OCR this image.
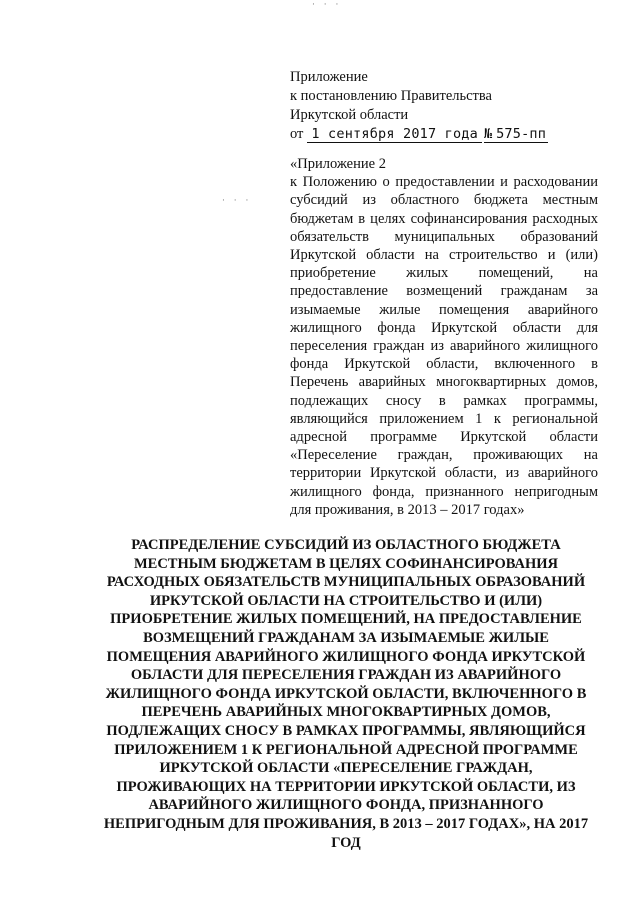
· · ·
· · ·
Приложение
к постановлению Правительства
Иркутской области
от 1 сентября 2017 года № 575-пп
«Приложение 2
к Положению о предоставлении и расходовании субсидий из областного бюджета местным бюджетам в целях софинансирования расходных обязательств муниципальных образований Иркутской области на строительство и (или) приобретение жилых помещений, на предоставление возмещений гражданам за изымаемые жилые помещения аварийного жилищного фонда Иркутской области для переселения граждан из аварийного жилищного фонда Иркутской области, включенного в Перечень аварийных многоквартирных домов, подлежащих сносу в рамках программы, являющийся приложением 1 к региональной адресной программе Иркутской области «Переселение граждан, проживающих на территории Иркутской области, из аварийного жилищного фонда, признанного непригодным для проживания, в 2013 – 2017 годах»
РАСПРЕДЕЛЕНИЕ СУБСИДИЙ ИЗ ОБЛАСТНОГО БЮДЖЕТА МЕСТНЫМ БЮДЖЕТАМ В ЦЕЛЯХ СОФИНАНСИРОВАНИЯ РАСХОДНЫХ ОБЯЗАТЕЛЬСТВ МУНИЦИПАЛЬНЫХ ОБРАЗОВАНИЙ ИРКУТСКОЙ ОБЛАСТИ НА СТРОИТЕЛЬСТВО И (ИЛИ) ПРИОБРЕТЕНИЕ ЖИЛЫХ ПОМЕЩЕНИЙ, НА ПРЕДОСТАВЛЕНИЕ ВОЗМЕЩЕНИЙ ГРАЖДАНАМ ЗА ИЗЫМАЕМЫЕ ЖИЛЫЕ ПОМЕЩЕНИЯ АВАРИЙНОГО ЖИЛИЩНОГО ФОНДА ИРКУТСКОЙ ОБЛАСТИ ДЛЯ ПЕРЕСЕЛЕНИЯ ГРАЖДАН ИЗ АВАРИЙНОГО ЖИЛИЩНОГО ФОНДА ИРКУТСКОЙ ОБЛАСТИ, ВКЛЮЧЕННОГО В ПЕРЕЧЕНЬ АВАРИЙНЫХ МНОГОКВАРТИРНЫХ ДОМОВ, ПОДЛЕЖАЩИХ СНОСУ В РАМКАХ ПРОГРАММЫ, ЯВЛЯЮЩИЙСЯ ПРИЛОЖЕНИЕМ 1 К РЕГИОНАЛЬНОЙ АДРЕСНОЙ ПРОГРАММЕ ИРКУТСКОЙ ОБЛАСТИ «ПЕРЕСЕЛЕНИЕ ГРАЖДАН, ПРОЖИВАЮЩИХ НА ТЕРРИТОРИИ ИРКУТСКОЙ ОБЛАСТИ, ИЗ АВАРИЙНОГО ЖИЛИЩНОГО ФОНДА, ПРИЗНАННОГО НЕПРИГОДНЫМ ДЛЯ ПРОЖИВАНИЯ, В 2013 – 2017 ГОДАХ», НА 2017 ГОД
